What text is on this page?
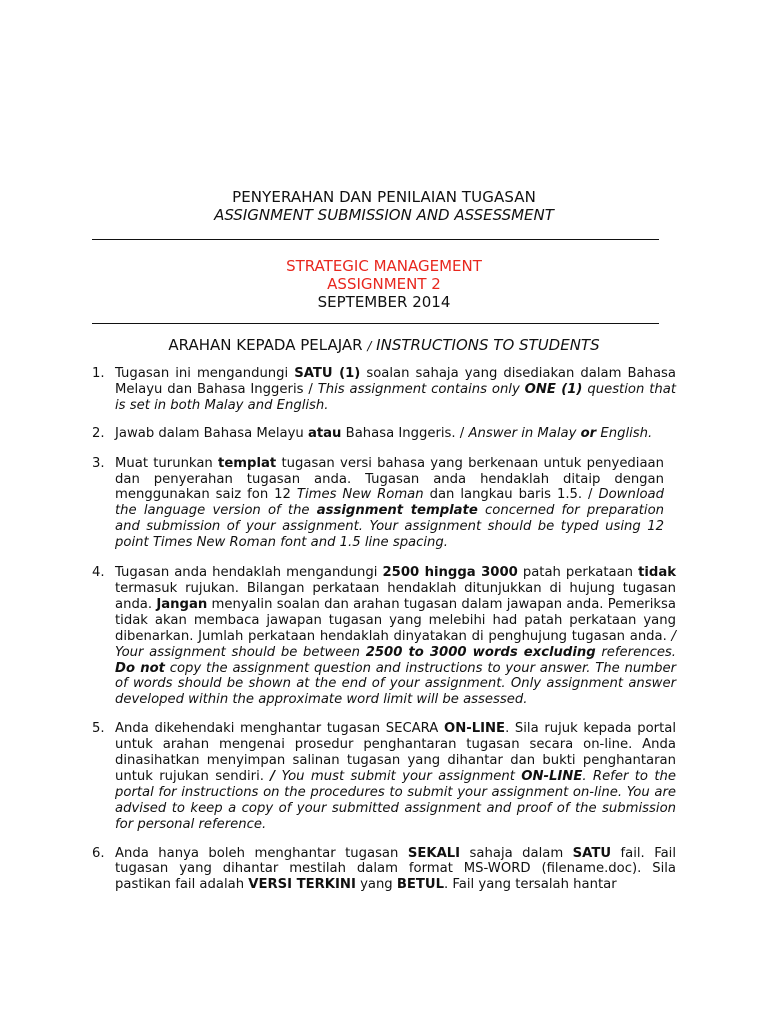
PENYERAHAN DAN PENILAIAN TUGASAN
ASSIGNMENT SUBMISSION AND ASSESSMENT
STRATEGIC MANAGEMENT
ASSIGNMENT 2
SEPTEMBER 2014
ARAHAN KEPADA PELAJAR / INSTRUCTIONS TO STUDENTS
1. Tugasan ini mengandungi SATU (1) soalan sahaja yang disediakan dalam Bahasa Melayu dan Bahasa Inggeris / This assignment contains only ONE (1) question that is set in both Malay and English.
2. Jawab dalam Bahasa Melayu atau Bahasa Inggeris. / Answer in Malay or English.
3. Muat turunkan templat tugasan versi bahasa yang berkenaan untuk penyediaan dan penyerahan tugasan anda. Tugasan anda hendaklah ditaip dengan menggunakan saiz fon 12 Times New Roman dan langkau baris 1.5. / Download the language version of the assignment template concerned for preparation and submission of your assignment. Your assignment should be typed using 12 point Times New Roman font and 1.5 line spacing.
4. Tugasan anda hendaklah mengandungi 2500 hingga 3000 patah perkataan tidak termasuk rujukan. Bilangan perkataan hendaklah ditunjukkan di hujung tugasan anda. Jangan menyalin soalan dan arahan tugasan dalam jawapan anda. Pemeriksa tidak akan membaca jawapan tugasan yang melebihi had patah perkataan yang dibenarkan. Jumlah perkataan hendaklah dinyatakan di penghujung tugasan anda. / Your assignment should be between 2500 to 3000 words excluding references. Do not copy the assignment question and instructions to your answer. The number of words should be shown at the end of your assignment. Only assignment answer developed within the approximate word limit will be assessed.
5. Anda dikehendaki menghantar tugasan SECARA ON-LINE. Sila rujuk kepada portal untuk arahan mengenai prosedur penghantaran tugasan secara on-line. Anda dinasihatkan menyimpan salinan tugasan yang dihantar dan bukti penghantaran untuk rujukan sendiri. / You must submit your assignment ON-LINE. Refer to the portal for instructions on the procedures to submit your assignment on-line. You are advised to keep a copy of your submitted assignment and proof of the submission for personal reference.
6. Anda hanya boleh menghantar tugasan SEKALI sahaja dalam SATU fail. Fail tugasan yang dihantar mestilah dalam format MS-WORD (filename.doc). Sila pastikan fail adalah VERSI TERKINI yang BETUL. Fail yang tersalah hantar
